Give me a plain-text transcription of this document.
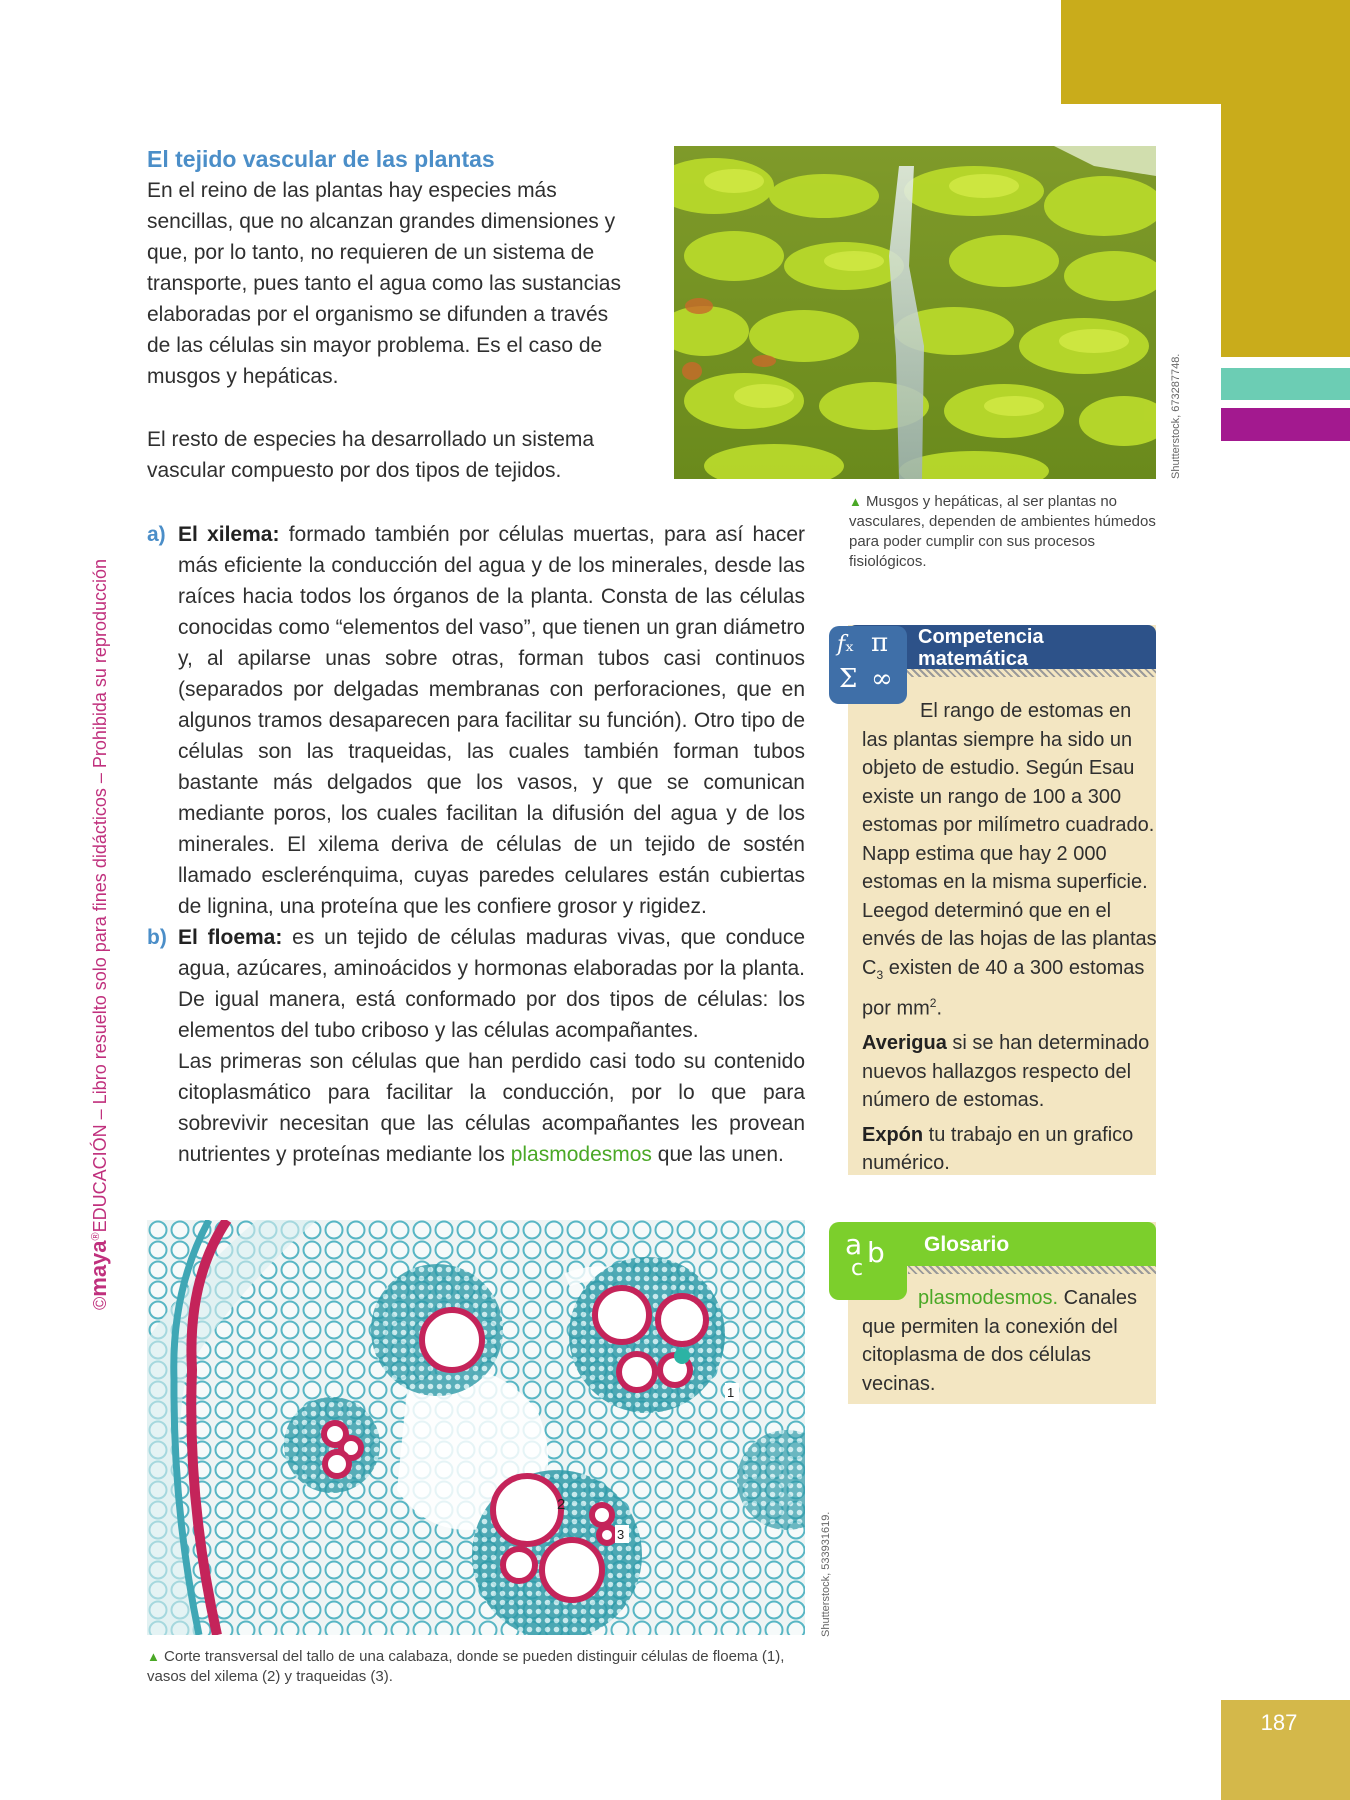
187
©maya®EDUCACIÓN – Libro resuelto solo para fines didácticos – Prohibida su reproducción
El tejido vascular de las plantas
En el reino de las plantas hay especies más sencillas, que no alcanzan grandes dimensiones y que, por lo tanto, no requieren de un sistema de transporte, pues tanto el agua como las sustancias elaboradas por el organismo se difunden a través de las células sin mayor problema. Es el caso de musgos y hepáticas.
El resto de especies ha desarrollado un sistema vascular compuesto por dos tipos de tejidos.
a) El xilema: formado también por células muertas, para así hacer más eficiente la conducción del agua y de los minerales, desde las raíces hacia todos los órganos de la planta. Consta de las células conocidas como “elementos del vaso”, que tienen un gran diámetro y, al apilarse unas sobre otras, forman tubos casi continuos (separados por delgadas membranas con perforaciones, que en algunos tramos desaparecen para facilitar su función). Otro tipo de células son las traqueidas, las cuales también forman tubos bastante más delgados que los vasos, y que se comunican mediante poros, los cuales facilitan la difusión del agua y de los minerales. El xilema deriva de células de un tejido de sostén llamado esclerénquima, cuyas paredes celulares están cubiertas de lignina, una proteína que les confiere grosor y rigidez.
b) El floema: es un tejido de células maduras vivas, que conduce agua, azúcares, aminoácidos y hormonas elaboradas por la planta. De igual manera, está conformado por dos tipos de células: los elementos del tubo criboso y las células acompañantes.
Las primeras son células que han perdido casi todo su contenido citoplasmático para facilitar la conducción, por lo que para sobrevivir necesitan que las células acompañantes les provean nutrientes y proteínas mediante los plasmodesmos que las unen.
Shutterstock, 673287748.
▲ Musgos y hepáticas, al ser plantas no vasculares, dependen de ambientes húmedos para poder cumplir con sus procesos fisiológicos.
1
2
3	Shutterstock, 533931619.
▲ Corte transversal del tallo de una calabaza, donde se pueden distinguir células de floema (1), vasos del xilema (2) y traqueidas (3).
𝑓ₓ π
Σ ∞
Competencia
matemática

El rango de estomas en las plantas siempre ha sido un objeto de estudio. Según Esau existe un rango de 100 a 300 estomas por milímetro cuadrado. Napp estima que hay 2 000 estomas en la misma superficie. Leegod determinó que en el envés de las hojas de las plantas $C_3$ existen de 40 a 300 estomas por $mm^2$.

Averigua si se han determinado nuevos hallazgos respecto del número de estomas.

Expón tu trabajo en un grafico numérico.

a b
c
Glosario
plasmodesmos. Canales que permiten la conexión del citoplasma de dos células vecinas.
